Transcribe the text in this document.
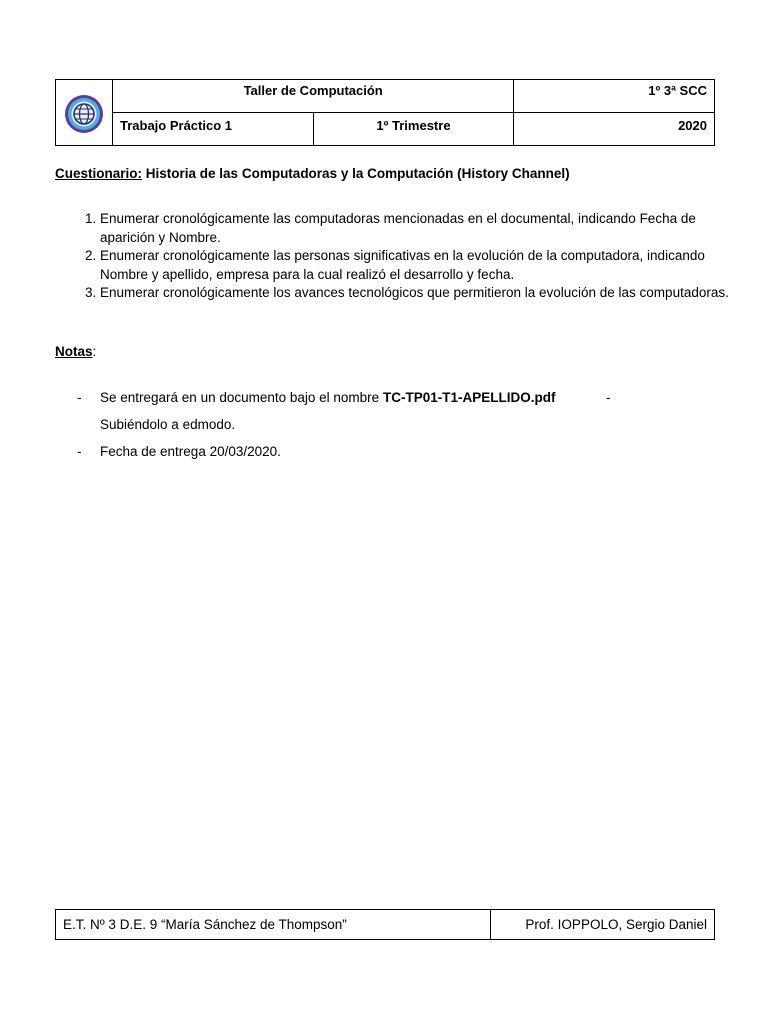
	Taller de Computación		1º 3ª SCC
	Trabajo Práctico 1	1º Trimestre	2020
Cuestionario: Historia de las Computadoras y la Computación (History Channel)
1. Enumerar cronológicamente las computadoras mencionadas en el documental, indicando Fecha de aparición y Nombre.
2. Enumerar cronológicamente las personas significativas en la evolución de la computadora, indicando Nombre y apellido, empresa para la cual realizó el desarrollo y fecha.
3. Enumerar cronológicamente los avances tecnológicos que permitieron la evolución de las computadoras.
Notas:
- Se entregará en un documento bajo el nombre TC-TP01-T1-APELLIDO.pdf	-
Subiéndolo a edmodo.
- Fecha de entrega 20/03/2020.
E.T. Nº 3 D.E. 9 “María Sánchez de Thompson”	Prof. IOPPOLO, Sergio Daniel
